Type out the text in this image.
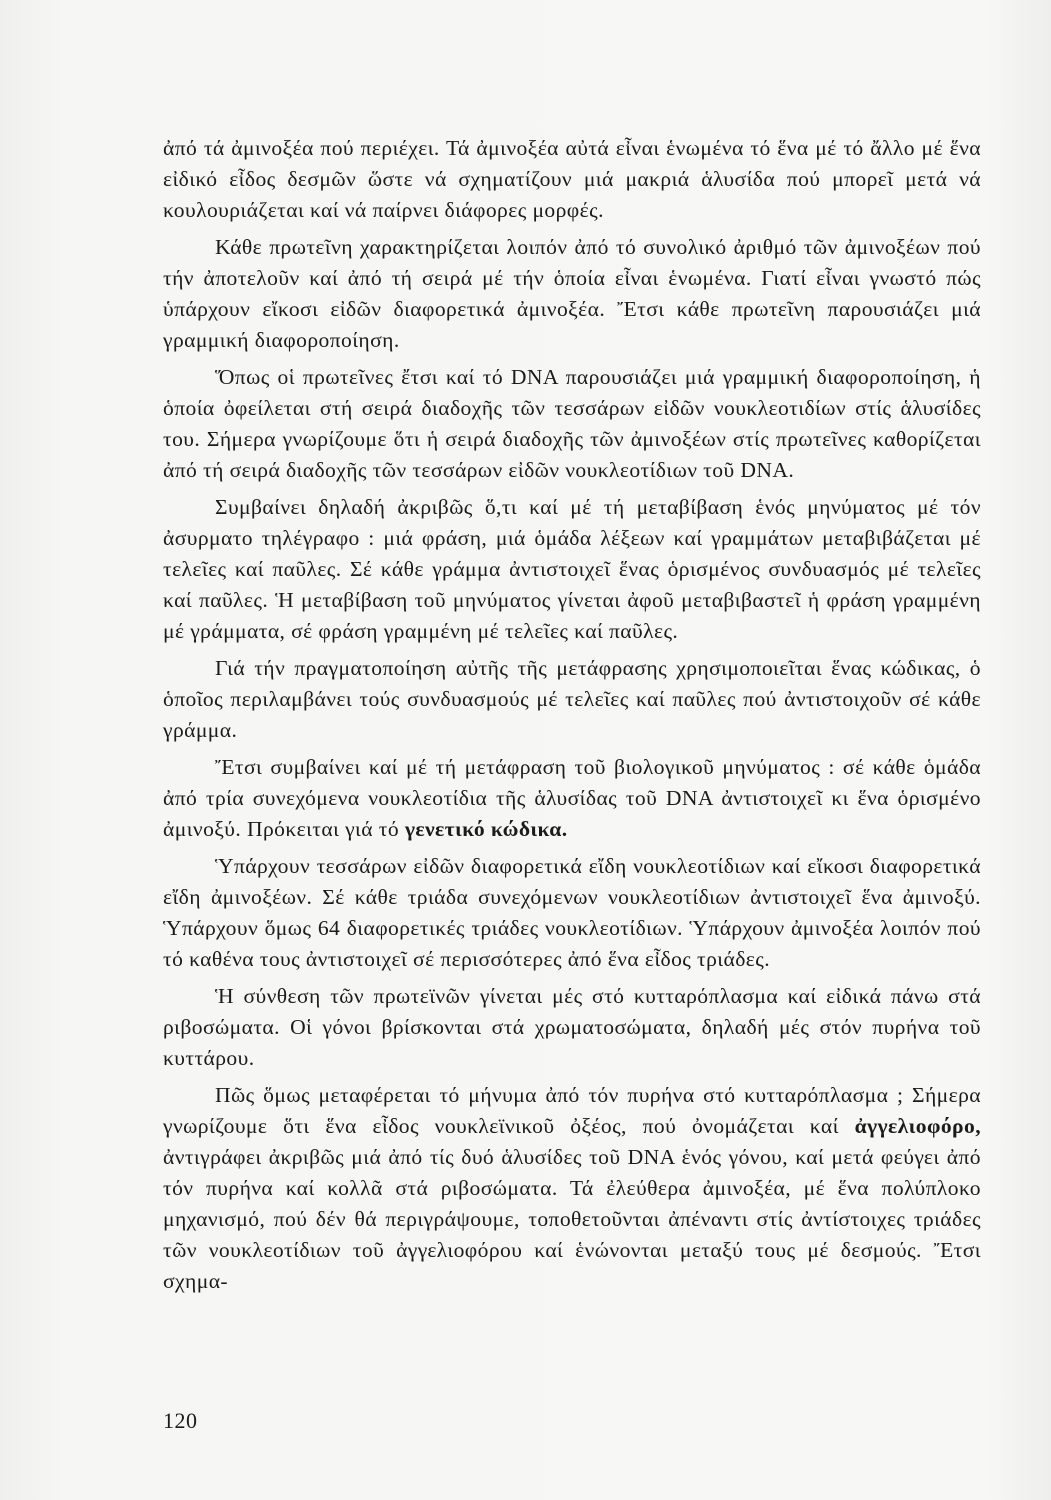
ἀπό τά ἀμινοξέα πού περιέχει. Τά ἀμινοξέα αὐτά εἶναι ἑνωμένα τό ἕνα μέ τό ἄλλο μέ ἕνα εἰδικό εἶδος δεσμῶν ὥστε νά σχηματίζουν μιά μακριά ἁλυσίδα πού μπορεῖ μετά νά κουλουριάζεται καί νά παίρνει διάφορες μορφές.

Κάθε πρωτεῖνη χαρακτηρίζεται λοιπόν ἀπό τό συνολικό ἀριθμό τῶν ἀμινοξέων πού τήν ἀποτελοῦν καί ἀπό τή σειρά μέ τήν ὁποία εἶναι ἑνωμένα. Γιατί εἶναι γνωστό πώς ὑπάρχουν εἴκοσι εἰδῶν διαφορετικά ἀμινοξέα. Ἔτσι κάθε πρωτεῖνη παρουσιάζει μιά γραμμική διαφοροποίηση.

Ὅπως οἱ πρωτεῖνες ἔτσι καί τό DNA παρουσιάζει μιά γραμμική διαφοροποίηση, ἡ ὁποία ὀφείλεται στή σειρά διαδοχῆς τῶν τεσσάρων εἰδῶν νουκλεοτιδίων στίς ἁλυσίδες του. Σήμερα γνωρίζουμε ὅτι ἡ σειρά διαδοχῆς τῶν ἀμινοξέων στίς πρωτεῖνες καθορίζεται ἀπό τή σειρά διαδοχῆς τῶν τεσσάρων εἰδῶν νουκλεοτίδιων τοῦ DNA.

Συμβαίνει δηλαδή ἀκριβῶς ὅ,τι καί μέ τή μεταβίβαση ἑνός μηνύματος μέ τόν ἀσυρματο τηλέγραφο : μιά φράση, μιά ὁμάδα λέξεων καί γραμμάτων μεταβιβάζεται μέ τελεῖες καί παῦλες. Σέ κάθε γράμμα ἀντιστοιχεῖ ἕνας ὁρισμένος συνδυασμός μέ τελεῖες καί παῦλες. Ἡ μεταβίβαση τοῦ μηνύματος γίνεται ἀφοῦ μεταβιβαστεῖ ἡ φράση γραμμένη μέ γράμματα, σέ φράση γραμμένη μέ τελεῖες καί παῦλες.

Γιά τήν πραγματοποίηση αὐτῆς τῆς μετάφρασης χρησιμοποιεῖται ἕνας κώδικας, ὁ ὁποῖος περιλαμβάνει τούς συνδυασμούς μέ τελεῖες καί παῦλες πού ἀντιστοιχοῦν σέ κάθε γράμμα.

Ἔτσι συμβαίνει καί μέ τή μετάφραση τοῦ βιολογικοῦ μηνύματος : σέ κάθε ὁμάδα ἀπό τρία συνεχόμενα νουκλεοτίδια τῆς ἁλυσίδας τοῦ DNA ἀντιστοιχεῖ κι ἕνα ὁρισμένο ἀμινοξύ. Πρόκειται γιά τό γενετικό κώδικα.

Ὑπάρχουν τεσσάρων εἰδῶν διαφορετικά εἴδη νουκλεοτίδιων καί εἴκοσι διαφορετικά εἴδη ἀμινοξέων. Σέ κάθε τριάδα συνεχόμενων νουκλεοτίδιων ἀντιστοιχεῖ ἕνα ἀμινοξύ. Ὑπάρχουν ὅμως 64 διαφορετικές τριάδες νουκλεοτίδιων. Ὑπάρχουν ἀμινοξέα λοιπόν πού τό καθένα τους ἀντιστοιχεῖ σέ περισσότερες ἀπό ἕνα εἶδος τριάδες.

Ἡ σύνθεση τῶν πρωτεϊνῶν γίνεται μές στό κυτταρόπλασμα καί εἰδικά πάνω στά ριβοσώματα. Οἱ γόνοι βρίσκονται στά χρωματοσώματα, δηλαδή μές στόν πυρήνα τοῦ κυττάρου.

Πῶς ὅμως μεταφέρεται τό μήνυμα ἀπό τόν πυρήνα στό κυτταρόπλασμα ; Σήμερα γνωρίζουμε ὅτι ἕνα εἶδος νουκλεϊνικοῦ ὀξέος, πού ὀνομάζεται καί ἀγγελιοφόρο, ἀντιγράφει ἀκριβῶς μιά ἀπό τίς δυό ἁλυσίδες τοῦ DNA ἑνός γόνου, καί μετά φεύγει ἀπό τόν πυρήνα καί κολλᾶ στά ριβοσώματα. Τά ἐλεύθερα ἀμινοξέα, μέ ἕνα πολύπλοκο μηχανισμό, πού δέν θά περιγράψουμε, τοποθετοῦνται ἀπέναντι στίς ἀντίστοιχες τριάδες τῶν νουκλεοτίδιων τοῦ ἀγγελιοφόρου καί ἑνώνονται μεταξύ τους μέ δεσμούς. Ἔτσι σχημα-

120
